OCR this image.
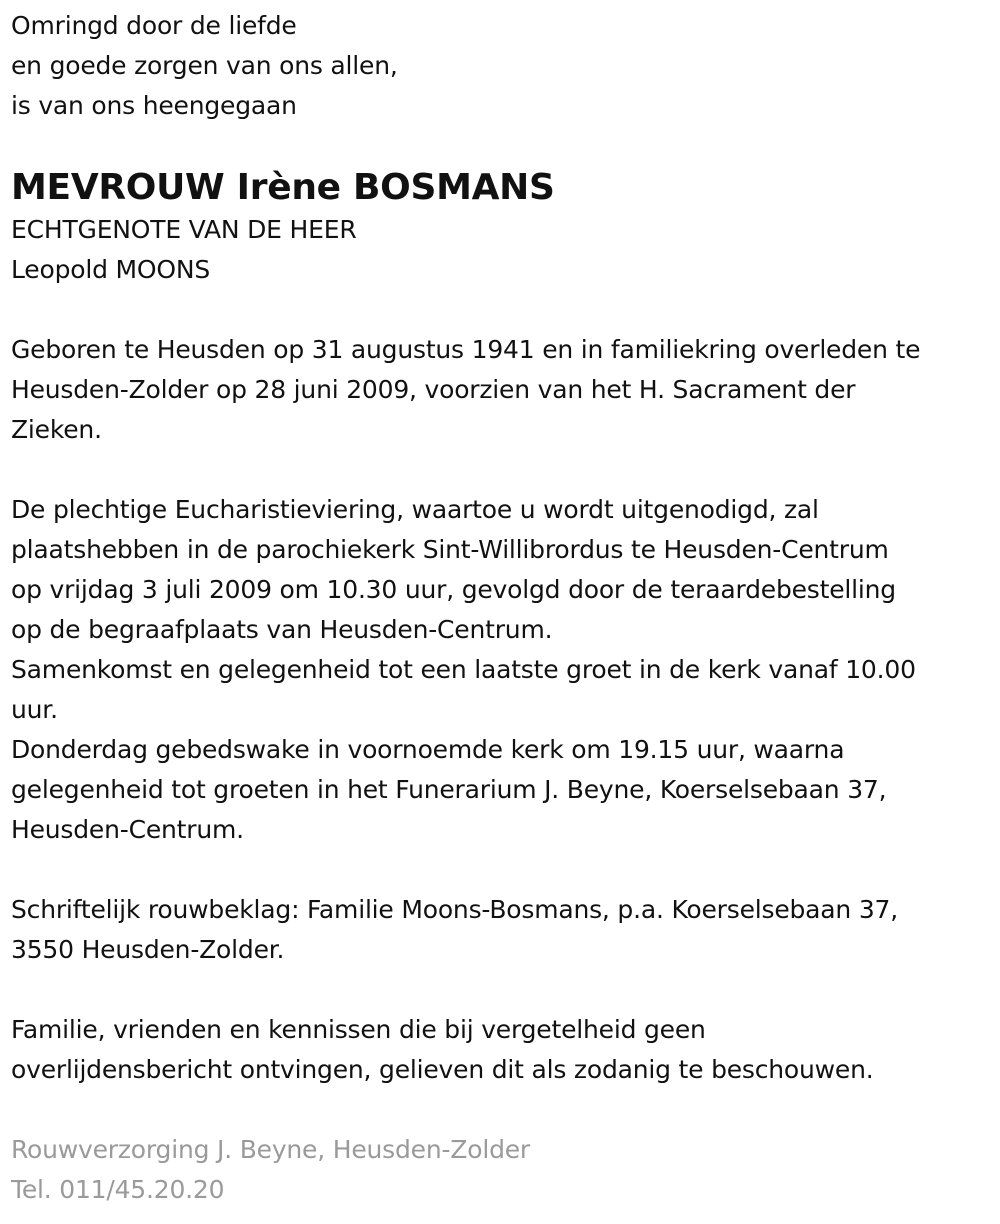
Omringd door de liefde
en goede zorgen van ons allen,
is van ons heengegaan
MEVROUW Irène BOSMANS
ECHTGENOTE VAN DE HEER
Leopold MOONS
Geboren te Heusden op 31 augustus 1941 en in familiekring overleden te
Heusden-Zolder op 28 juni 2009, voorzien van het H. Sacrament der
Zieken.
De plechtige Eucharistieviering, waartoe u wordt uitgenodigd, zal
plaatshebben in de parochiekerk Sint-Willibrordus te Heusden-Centrum
op vrijdag 3 juli 2009 om 10.30 uur, gevolgd door de teraardebestelling
op de begraafplaats van Heusden-Centrum.
Samenkomst en gelegenheid tot een laatste groet in de kerk vanaf 10.00
uur.
Donderdag gebedswake in voornoemde kerk om 19.15 uur, waarna
gelegenheid tot groeten in het Funerarium J. Beyne, Koerselsebaan 37,
Heusden-Centrum.
Schriftelijk rouwbeklag: Familie Moons-Bosmans, p.a. Koerselsebaan 37,
3550 Heusden-Zolder.
Familie, vrienden en kennissen die bij vergetelheid geen
overlijdensbericht ontvingen, gelieven dit als zodanig te beschouwen.
Rouwverzorging J. Beyne, Heusden-Zolder
Tel. 011/45.20.20
